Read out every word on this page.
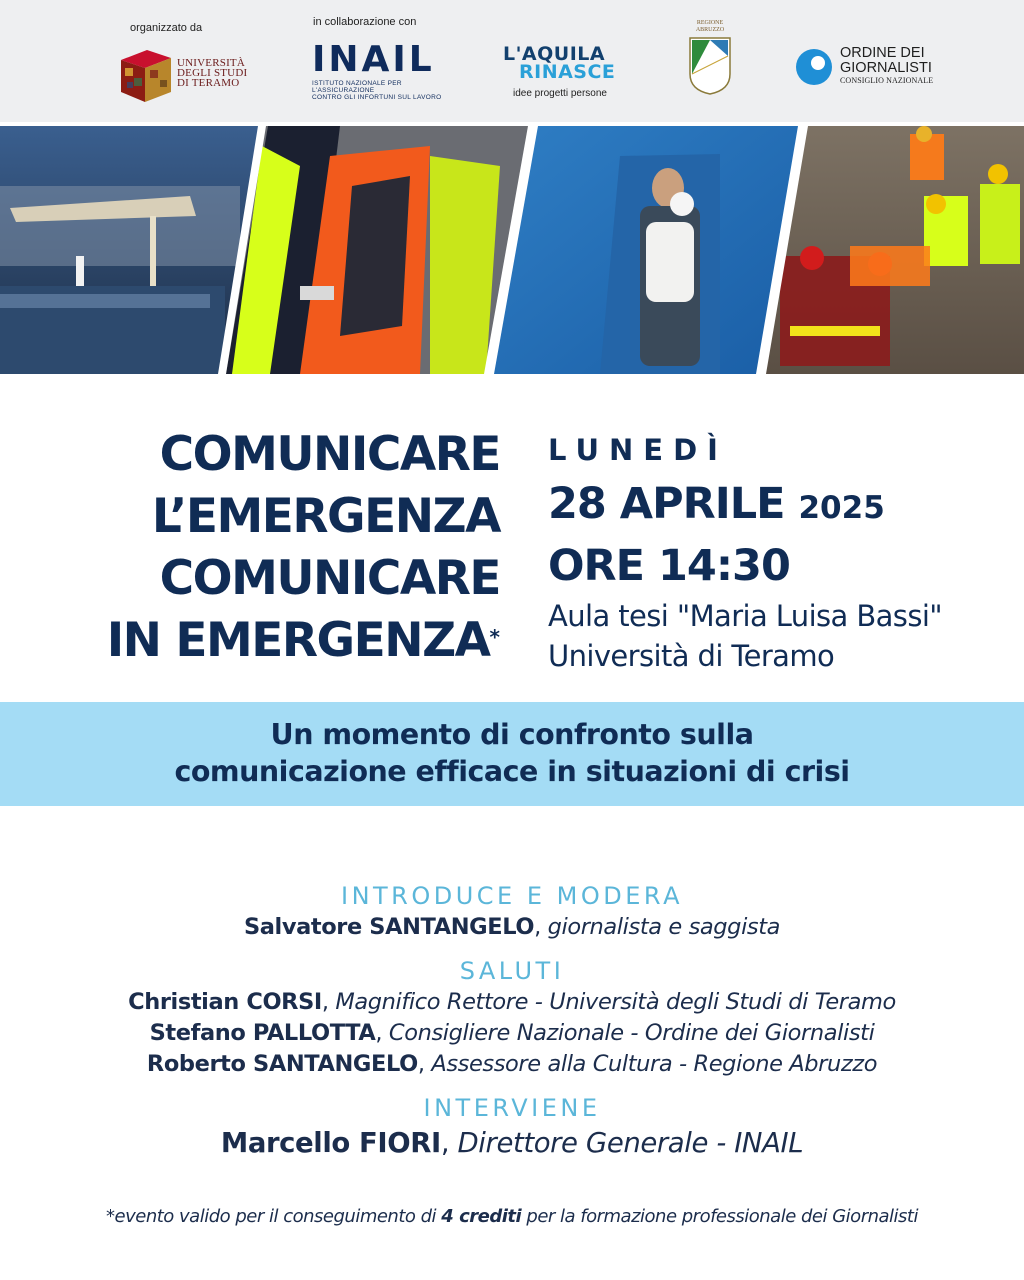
organizzato da	in collaborazione con
UNIVERSITÀ
DEGLI STUDI
DI TERAMO
INAIL
ISTITUTO NAZIONALE PER L'ASSICURAZIONE
CONTRO GLI INFORTUNI SUL LAVORO
L'AQUILA
RINASCE
idee progetti persone
REGIONE
ABRUZZO
ORDINE DEI
GIORNALISTI
CONSIGLIO NAZIONALE
COMUNICARE
L’EMERGENZA
COMUNICARE
IN EMERGENZA*
LUNEDÌ
28 APRILE 2025
ORE 14:30
Aula tesi "Maria Luisa Bassi"
Università di Teramo
Un momento di confronto sulla
comunicazione efficace in situazioni di crisi
INTRODUCE E MODERA
Salvatore SANTANGELO, giornalista e saggista
SALUTI
Christian CORSI, Magnifico Rettore - Università degli Studi di Teramo
Stefano PALLOTTA, Consigliere Nazionale - Ordine dei Giornalisti
Roberto SANTANGELO, Assessore alla Cultura - Regione Abruzzo
INTERVIENE
Marcello FIORI, Direttore Generale - INAIL
*evento valido per il conseguimento di 4 crediti per la formazione professionale dei Giornalisti
